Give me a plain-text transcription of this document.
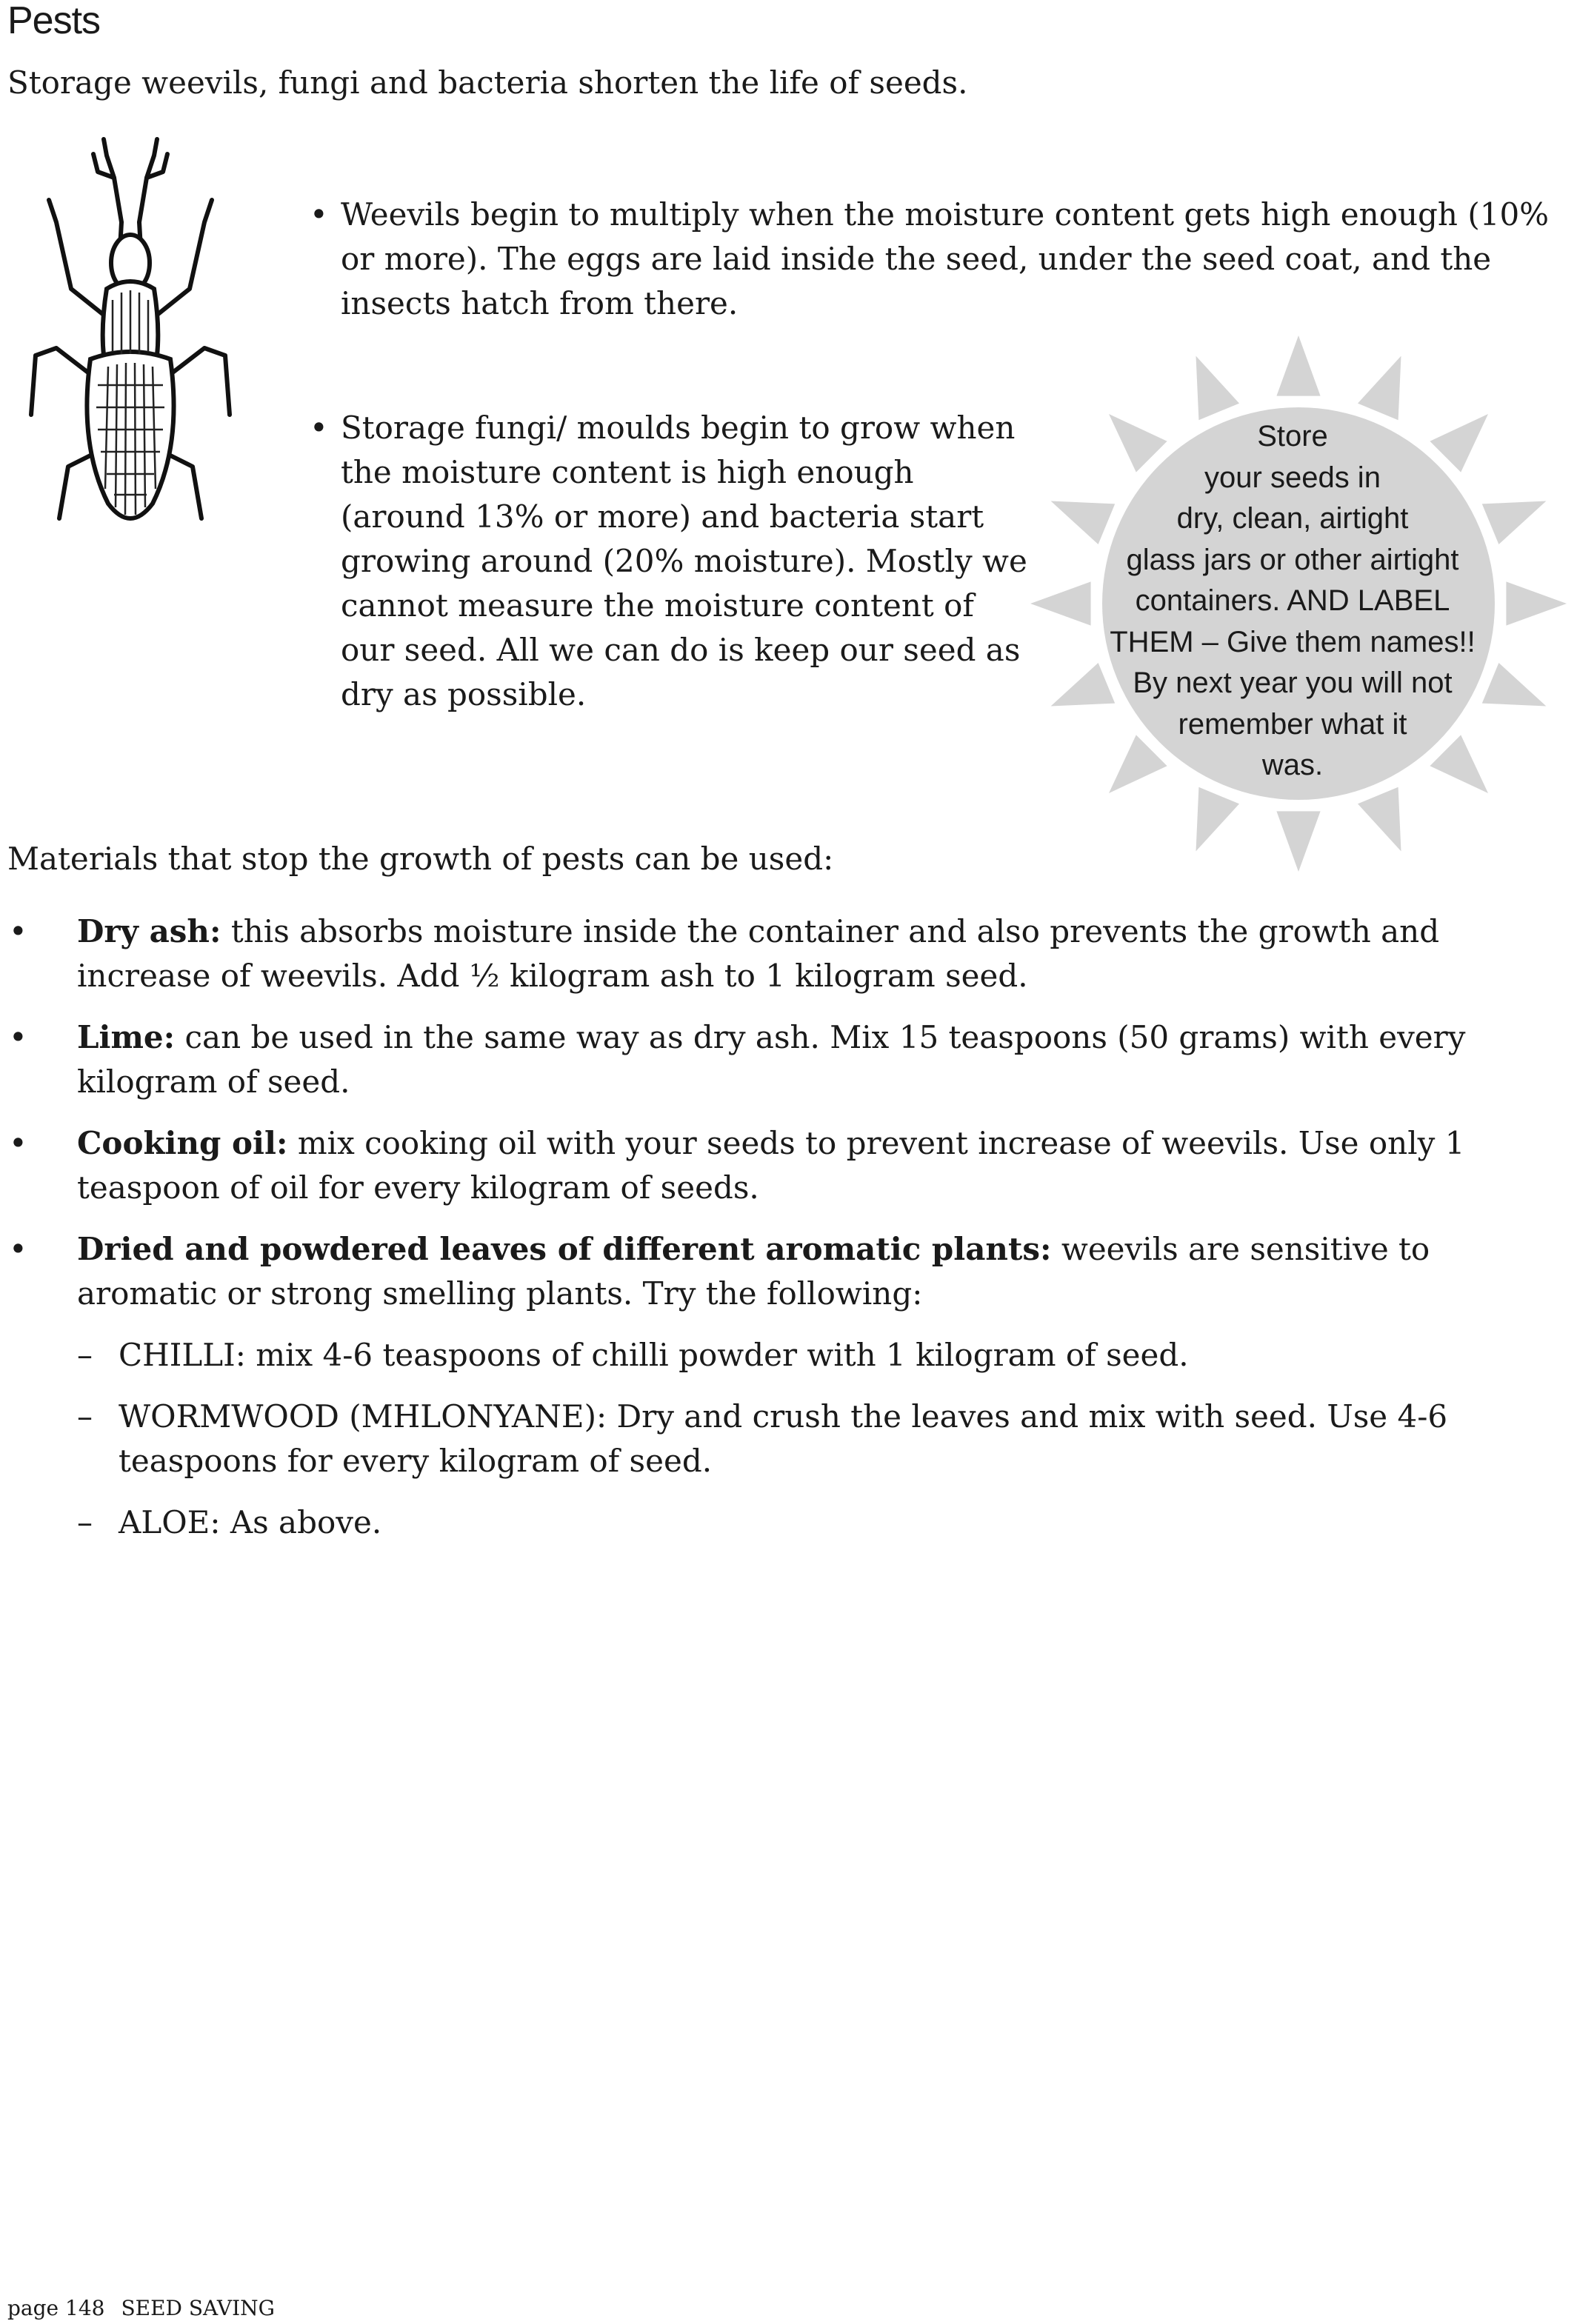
Pests

Storage weevils, fungi and bacteria shorten the life of seeds.

• Weevils begin to multiply when the moisture content gets high enough (10% or more). The eggs are laid inside the seed, under the seed coat, and the insects hatch from there.

• Storage fungi/ moulds begin to grow when the moisture content is high enough (around 13% or more) and bacteria start growing around (20% moisture). Mostly we cannot measure the moisture content of our seed. All we can do is keep our seed as dry as possible.

Store
your seeds in
dry, clean, airtight
glass jars or other airtight
containers. AND LABEL
THEM – Give them names!!
By next year you will not
remember what it
was.

Materials that stop the growth of pests can be used:

• Dry ash: this absorbs moisture inside the container and also prevents the growth and increase of weevils. Add ½ kilogram ash to 1 kilogram seed.
• Lime: can be used in the same way as dry ash. Mix 15 teaspoons (50 grams) with every kilogram of seed.
• Cooking oil: mix cooking oil with your seeds to prevent increase of weevils. Use only 1 teaspoon of oil for every kilogram of seeds.
• Dried and powdered leaves of different aromatic plants: weevils are sensitive to aromatic or strong smelling plants. Try the following:
– CHILLI: mix 4-6 teaspoons of chilli powder with 1 kilogram of seed.
– WORMWOOD (MHLONYANE): Dry and crush the leaves and mix with seed. Use 4-6 teaspoons for every kilogram of seed.
– ALOE: As above.

page 148 SEED SAVING
